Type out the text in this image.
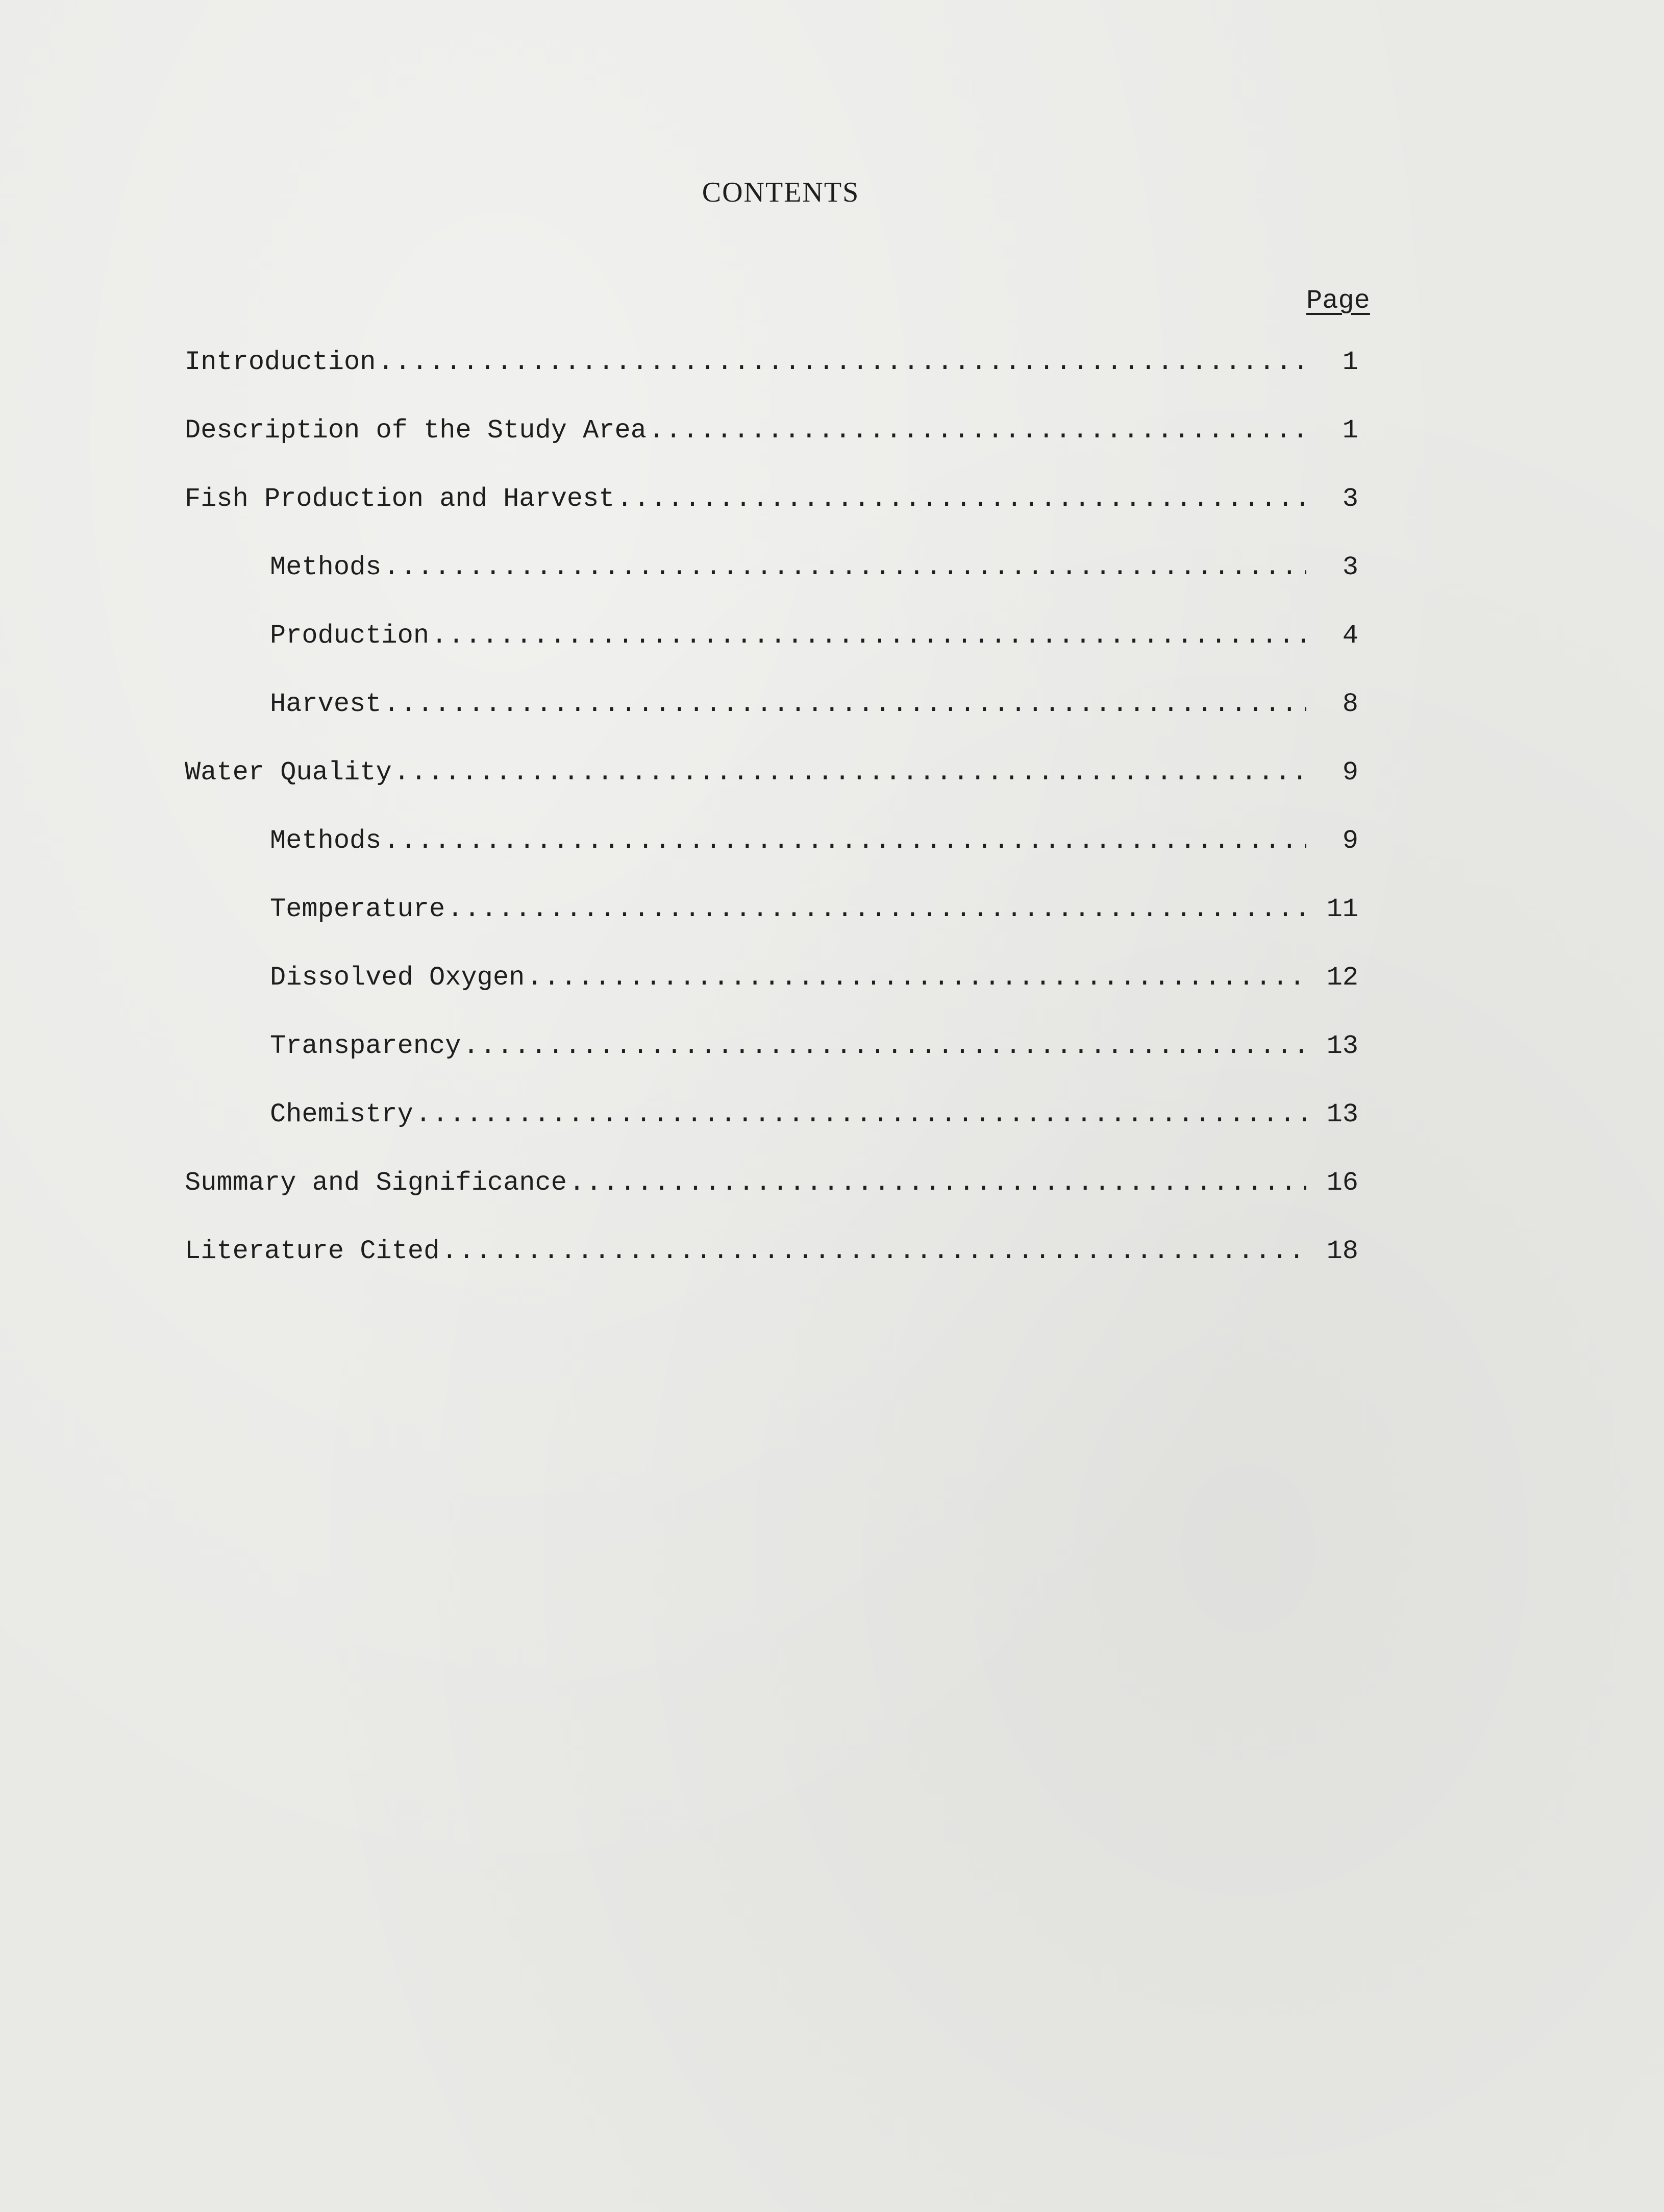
CONTENTS
Page
Introduction .....	1
Description of the Study Area .....	1
Fish Production and Harvest .....	3
Methods .....	3
Production .....	4
Harvest .....	8
Water Quality .....	9
Methods .....	9
Temperature .....	11
Dissolved Oxygen .....	12
Transparency .....	13
Chemistry .....	13
Summary and Significance .....	16
Literature Cited .....	18
